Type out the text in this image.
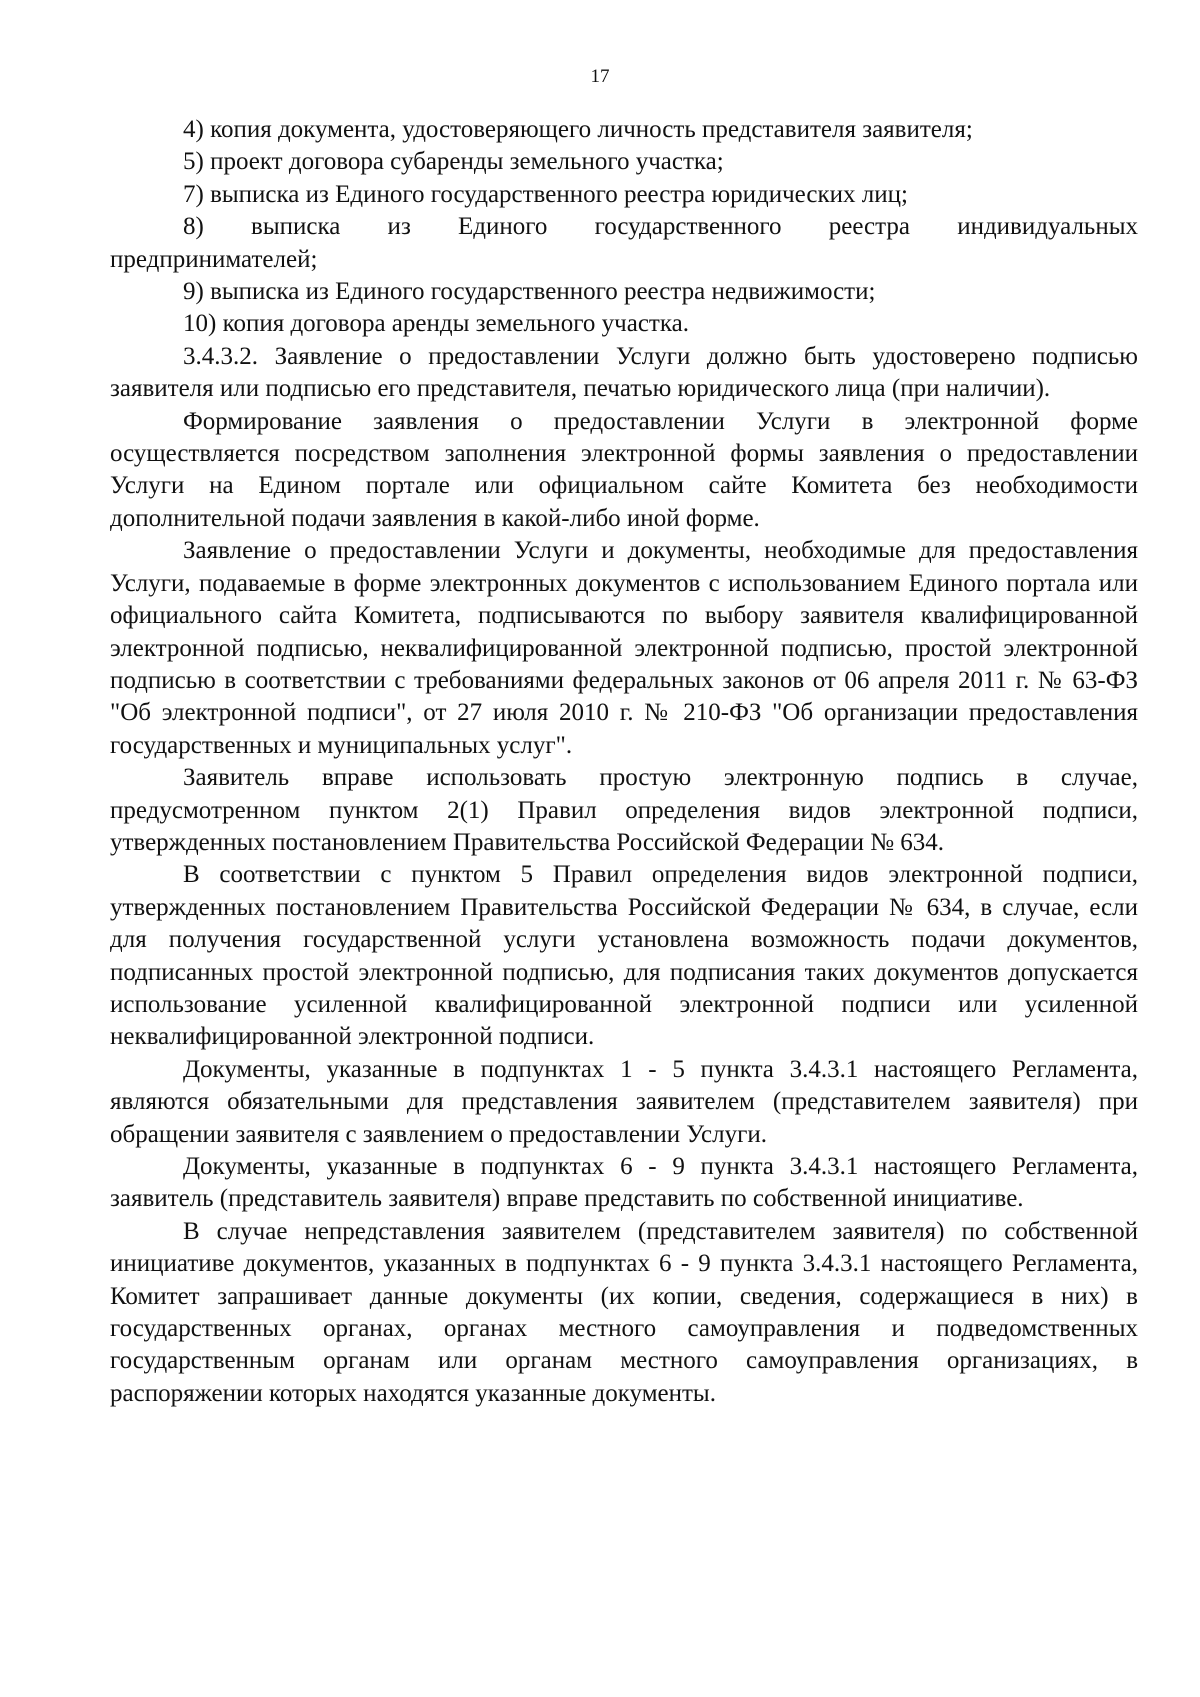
17

4) копия документа, удостоверяющего личность представителя заявителя;

5) проект договора субаренды земельного участка;

7) выписка из Единого государственного реестра юридических лиц;

8) выписка из Единого государственного реестра индивидуальных

предпринимателей;

9) выписка из Единого государственного реестра недвижимости;

10) копия договора аренды земельного участка.

3.4.3.2. Заявление о предоставлении Услуги должно быть удостоверено подписью заявителя или подписью его представителя, печатью юридического лица (при наличии).

Формирование заявления о предоставлении Услуги в электронной форме осуществляется посредством заполнения электронной формы заявления о предоставлении Услуги на Едином портале или официальном сайте Комитета без необходимости дополнительной подачи заявления в какой-либо иной форме.

Заявление о предоставлении Услуги и документы, необходимые для предоставления Услуги, подаваемые в форме электронных документов с использованием Единого портала или официального сайта Комитета, подписываются по выбору заявителя квалифицированной электронной подписью, неквалифицированной электронной подписью, простой электронной подписью в соответствии с требованиями федеральных законов от 06 апреля 2011 г. № 63-ФЗ "Об электронной подписи", от 27 июля 2010 г. № 210-ФЗ "Об организации предоставления государственных и муниципальных услуг".

Заявитель вправе использовать простую электронную подпись в случае, предусмотренном пунктом 2(1) Правил определения видов электронной подписи, утвержденных постановлением Правительства Российской Федерации № 634.

В соответствии с пунктом 5 Правил определения видов электронной подписи, утвержденных постановлением Правительства Российской Федерации № 634, в случае, если для получения государственной услуги установлена возможность подачи документов, подписанных простой электронной подписью, для подписания таких документов допускается использование усиленной квалифицированной электронной подписи или усиленной неквалифицированной электронной подписи.

Документы, указанные в подпунктах 1 - 5 пункта 3.4.3.1 настоящего Регламента, являются обязательными для представления заявителем (представителем заявителя) при обращении заявителя с заявлением о предоставлении Услуги.

Документы, указанные в подпунктах 6 - 9 пункта 3.4.3.1 настоящего Регламента, заявитель (представитель заявителя) вправе представить по собственной инициативе.

В случае непредставления заявителем (представителем заявителя) по собственной инициативе документов, указанных в подпунктах 6 - 9 пункта 3.4.3.1 настоящего Регламента, Комитет запрашивает данные документы (их копии, сведения, содержащиеся в них) в государственных органах, органах местного самоуправления и подведомственных государственным органам или органам местного самоуправления организациях, в распоряжении которых находятся указанные документы.
